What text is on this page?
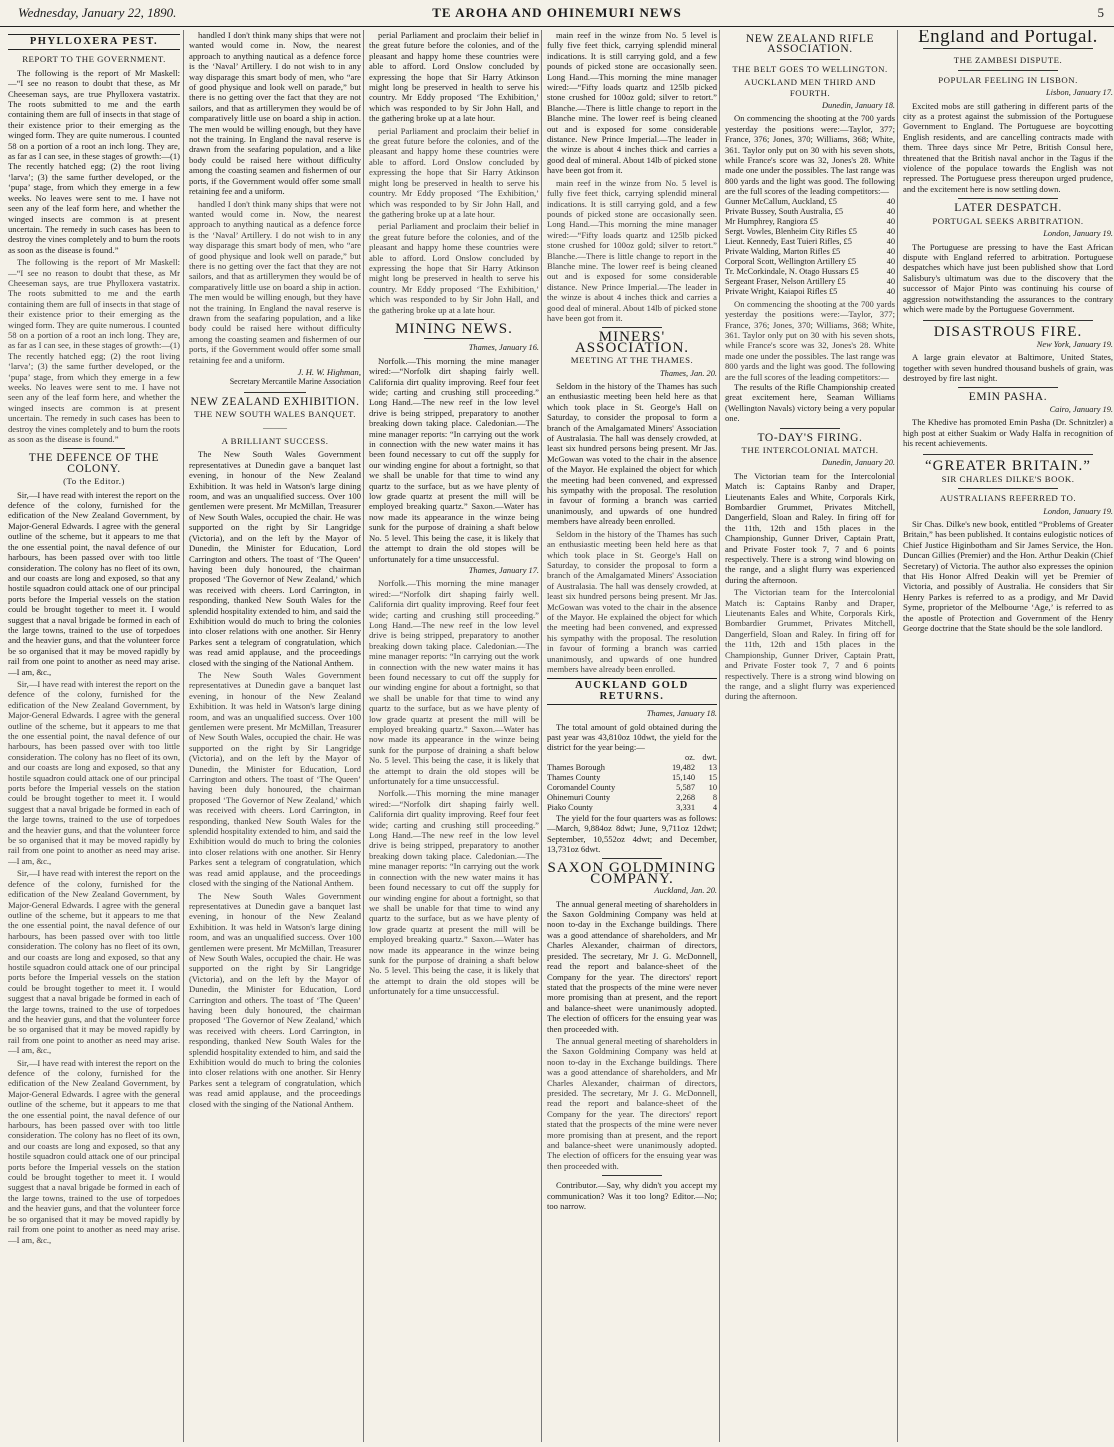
Wednesday, January 22, 1890.	TE AROHA AND OHINEMURI NEWS	5
PHYLLOXERA PEST.
REPORT TO THE GOVERNMENT.

The following is the report of Mr Maskell: —“I see no reason to doubt that these, as Mr Cheeseman says, are true Phylloxera vastatrix. The roots submitted to me and the earth containing them are full of insects in that stage of their existence prior to their emerging as the winged form. They are quite numerous. I counted 58 on a portion of a root an inch long. They are, as far as I can see, in these stages of growth:—(1) The recently hatched egg; (2) the root living ‘larva’; (3) the same further developed, or the ‘pupa’ stage, from which they emerge in a few weeks. No leaves were sent to me. I have not seen any of the leaf form here, and whether the winged insects are common is at present uncertain. The remedy in such cases has been to destroy the vines completely and to burn the roots as soon as the disease is found.”

The following is the report of Mr Maskell: —“I see no reason to doubt that these, as Mr Cheeseman says, are true Phylloxera vastatrix. The roots submitted to me and the earth containing them are full of insects in that stage of their existence prior to their emerging as the winged form. They are quite numerous. I counted 58 on a portion of a root an inch long. They are, as far as I can see, in these stages of growth:—(1) The recently hatched egg; (2) the root living ‘larva’; (3) the same further developed, or the ‘pupa’ stage, from which they emerge in a few weeks. No leaves were sent to me. I have not seen any of the leaf form here, and whether the winged insects are common is at present uncertain. The remedy in such cases has been to destroy the vines completely and to burn the roots as soon as the disease is found.”

THE DEFENCE OF THE COLONY.
(To the Editor.)

Sir,—I have read with interest the report on the defence of the colony, furnished for the edification of the New Zealand Government, by Major-General Edwards. I agree with the general outline of the scheme, but it appears to me that the one essential point, the naval defence of our harbours, has been passed over with too little consideration. The colony has no fleet of its own, and our coasts are long and exposed, so that any hostile squadron could attack one of our principal ports before the Imperial vessels on the station could be brought together to meet it. I would suggest that a naval brigade be formed in each of the large towns, trained to the use of torpedoes and the heavier guns, and that the volunteer force be so organised that it may be moved rapidly by rail from one point to another as need may arise. —I am, &c.,

Sir,—I have read with interest the report on the defence of the colony, furnished for the edification of the New Zealand Government, by Major-General Edwards. I agree with the general outline of the scheme, but it appears to me that the one essential point, the naval defence of our harbours, has been passed over with too little consideration. The colony has no fleet of its own, and our coasts are long and exposed, so that any hostile squadron could attack one of our principal ports before the Imperial vessels on the station could be brought together to meet it. I would suggest that a naval brigade be formed in each of the large towns, trained to the use of torpedoes and the heavier guns, and that the volunteer force be so organised that it may be moved rapidly by rail from one point to another as need may arise. —I am, &c.,

Sir,—I have read with interest the report on the defence of the colony, furnished for the edification of the New Zealand Government, by Major-General Edwards. I agree with the general outline of the scheme, but it appears to me that the one essential point, the naval defence of our harbours, has been passed over with too little consideration. The colony has no fleet of its own, and our coasts are long and exposed, so that any hostile squadron could attack one of our principal ports before the Imperial vessels on the station could be brought together to meet it. I would suggest that a naval brigade be formed in each of the large towns, trained to the use of torpedoes and the heavier guns, and that the volunteer force be so organised that it may be moved rapidly by rail from one point to another as need may arise. —I am, &c.,

Sir,—I have read with interest the report on the defence of the colony, furnished for the edification of the New Zealand Government, by Major-General Edwards. I agree with the general outline of the scheme, but it appears to me that the one essential point, the naval defence of our harbours, has been passed over with too little consideration. The colony has no fleet of its own, and our coasts are long and exposed, so that any hostile squadron could attack one of our principal ports before the Imperial vessels on the station could be brought together to meet it. I would suggest that a naval brigade be formed in each of the large towns, trained to the use of torpedoes and the heavier guns, and that the volunteer force be so organised that it may be moved rapidly by rail from one point to another as need may arise. —I am, &c.,

handled I don't think many ships that were not wanted would come in. Now, the nearest approach to anything nautical as a defence force is the ‘Naval’ Artillery. I do not wish to in any way disparage this smart body of men, who “are of good physique and look well on parade,” but there is no getting over the fact that they are not sailors, and that as artillerymen they would be of comparatively little use on board a ship in action. The men would be willing enough, but they have not the training. In England the naval reserve is drawn from the seafaring population, and a like body could be raised here without difficulty among the coasting seamen and fishermen of our ports, if the Government would offer some small retaining fee and a uniform.

handled I don't think many ships that were not wanted would come in. Now, the nearest approach to anything nautical as a defence force is the ‘Naval’ Artillery. I do not wish to in any way disparage this smart body of men, who “are of good physique and look well on parade,” but there is no getting over the fact that they are not sailors, and that as artillerymen they would be of comparatively little use on board a ship in action. The men would be willing enough, but they have not the training. In England the naval reserve is drawn from the seafaring population, and a like body could be raised here without difficulty among the coasting seamen and fishermen of our ports, if the Government would offer some small retaining fee and a uniform.

J. H. W. Highman,
Secretary Mercantile Marine Association
NEW ZEALAND EXHIBITION.
THE NEW SOUTH WALES BANQUET.
———
A BRILLIANT SUCCESS.

The New South Wales Government representatives at Dunedin gave a banquet last evening, in honour of the New Zealand Exhibition. It was held in Watson's large dining room, and was an unqualified success. Over 100 gentlemen were present. Mr McMillan, Treasurer of New South Wales, occupied the chair. He was supported on the right by Sir Langridge (Victoria), and on the left by the Mayor of Dunedin, the Minister for Education, Lord Carrington and others. The toast of ‘The Queen’ having been duly honoured, the chairman proposed ‘The Governor of New Zealand,’ which was received with cheers. Lord Carrington, in responding, thanked New South Wales for the splendid hospitality extended to him, and said the Exhibition would do much to bring the colonies into closer relations with one another. Sir Henry Parkes sent a telegram of congratulation, which was read amid applause, and the proceedings closed with the singing of the National Anthem.

The New South Wales Government representatives at Dunedin gave a banquet last evening, in honour of the New Zealand Exhibition. It was held in Watson's large dining room, and was an unqualified success. Over 100 gentlemen were present. Mr McMillan, Treasurer of New South Wales, occupied the chair. He was supported on the right by Sir Langridge (Victoria), and on the left by the Mayor of Dunedin, the Minister for Education, Lord Carrington and others. The toast of ‘The Queen’ having been duly honoured, the chairman proposed ‘The Governor of New Zealand,’ which was received with cheers. Lord Carrington, in responding, thanked New South Wales for the splendid hospitality extended to him, and said the Exhibition would do much to bring the colonies into closer relations with one another. Sir Henry Parkes sent a telegram of congratulation, which was read amid applause, and the proceedings closed with the singing of the National Anthem.

The New South Wales Government representatives at Dunedin gave a banquet last evening, in honour of the New Zealand Exhibition. It was held in Watson's large dining room, and was an unqualified success. Over 100 gentlemen were present. Mr McMillan, Treasurer of New South Wales, occupied the chair. He was supported on the right by Sir Langridge (Victoria), and on the left by the Mayor of Dunedin, the Minister for Education, Lord Carrington and others. The toast of ‘The Queen’ having been duly honoured, the chairman proposed ‘The Governor of New Zealand,’ which was received with cheers. Lord Carrington, in responding, thanked New South Wales for the splendid hospitality extended to him, and said the Exhibition would do much to bring the colonies into closer relations with one another. Sir Henry Parkes sent a telegram of congratulation, which was read amid applause, and the proceedings closed with the singing of the National Anthem.

perial Parliament and proclaim their belief in the great future before the colonies, and of the pleasant and happy home these countries were able to afford. Lord Onslow concluded by expressing the hope that Sir Harry Atkinson might long be preserved in health to serve his country. Mr Eddy proposed ‘The Exhibition,’ which was responded to by Sir John Hall, and the gathering broke up at a late hour.

perial Parliament and proclaim their belief in the great future before the colonies, and of the pleasant and happy home these countries were able to afford. Lord Onslow concluded by expressing the hope that Sir Harry Atkinson might long be preserved in health to serve his country. Mr Eddy proposed ‘The Exhibition,’ which was responded to by Sir John Hall, and the gathering broke up at a late hour.

perial Parliament and proclaim their belief in the great future before the colonies, and of the pleasant and happy home these countries were able to afford. Lord Onslow concluded by expressing the hope that Sir Harry Atkinson might long be preserved in health to serve his country. Mr Eddy proposed ‘The Exhibition,’ which was responded to by Sir John Hall, and the gathering broke up at a late hour.

MINING NEWS.
Thames, January 16.

Norfolk.—This morning the mine manager wired:—“Norfolk dirt shaping fairly well. California dirt quality improving. Reef four feet wide; carting and crushing still proceeding.” Long Hand.—The new reef in the low level drive is being stripped, preparatory to another breaking down taking place. Caledonian.—The mine manager reports: “In carrying out the work in connection with the new water mains it has been found necessary to cut off the supply for our winding engine for about a fortnight, so that we shall be unable for that time to wind any quartz to the surface, but as we have plenty of low grade quartz at present the mill will be employed breaking quartz.” Saxon.—Water has now made its appearance in the winze being sunk for the purpose of draining a shaft below No. 5 level. This being the case, it is likely that the attempt to drain the old stopes will be unfortunately for a time unsuccessful.

Thames, January 17.

Norfolk.—This morning the mine manager wired:—“Norfolk dirt shaping fairly well. California dirt quality improving. Reef four feet wide; carting and crushing still proceeding.” Long Hand.—The new reef in the low level drive is being stripped, preparatory to another breaking down taking place. Caledonian.—The mine manager reports: “In carrying out the work in connection with the new water mains it has been found necessary to cut off the supply for our winding engine for about a fortnight, so that we shall be unable for that time to wind any quartz to the surface, but as we have plenty of low grade quartz at present the mill will be employed breaking quartz.” Saxon.—Water has now made its appearance in the winze being sunk for the purpose of draining a shaft below No. 5 level. This being the case, it is likely that the attempt to drain the old stopes will be unfortunately for a time unsuccessful.

Norfolk.—This morning the mine manager wired:—“Norfolk dirt shaping fairly well. California dirt quality improving. Reef four feet wide; carting and crushing still proceeding.” Long Hand.—The new reef in the low level drive is being stripped, preparatory to another breaking down taking place. Caledonian.—The mine manager reports: “In carrying out the work in connection with the new water mains it has been found necessary to cut off the supply for our winding engine for about a fortnight, so that we shall be unable for that time to wind any quartz to the surface, but as we have plenty of low grade quartz at present the mill will be employed breaking quartz.” Saxon.—Water has now made its appearance in the winze being sunk for the purpose of draining a shaft below No. 5 level. This being the case, it is likely that the attempt to drain the old stopes will be unfortunately for a time unsuccessful.

main reef in the winze from No. 5 level is fully five feet thick, carrying splendid mineral indications. It is still carrying gold, and a few pounds of picked stone are occasionally seen. Long Hand.—This morning the mine manager wired:—“Fifty loads quartz and 125lb picked stone crushed for 100oz gold; silver to retort.” Blanche.—There is little change to report in the Blanche mine. The lower reef is being cleaned out and is exposed for some considerable distance. New Prince Imperial.—The leader in the winze is about 4 inches thick and carries a good deal of mineral. About 14lb of picked stone have been got from it.

main reef in the winze from No. 5 level is fully five feet thick, carrying splendid mineral indications. It is still carrying gold, and a few pounds of picked stone are occasionally seen. Long Hand.—This morning the mine manager wired:—“Fifty loads quartz and 125lb picked stone crushed for 100oz gold; silver to retort.” Blanche.—There is little change to report in the Blanche mine. The lower reef is being cleaned out and is exposed for some considerable distance. New Prince Imperial.—The leader in the winze is about 4 inches thick and carries a good deal of mineral. About 14lb of picked stone have been got from it.

MINERS' ASSOCIATION.
MEETING AT THE THAMES.
Thames, Jan. 20.

Seldom in the history of the Thames has such an enthusiastic meeting been held here as that which took place in St. George's Hall on Saturday, to consider the proposal to form a branch of the Amalgamated Miners' Association of Australasia. The hall was densely crowded, at least six hundred persons being present. Mr Jas. McGowan was voted to the chair in the absence of the Mayor. He explained the object for which the meeting had been convened, and expressed his sympathy with the proposal. The resolution in favour of forming a branch was carried unanimously, and upwards of one hundred members have already been enrolled.

Seldom in the history of the Thames has such an enthusiastic meeting been held here as that which took place in St. George's Hall on Saturday, to consider the proposal to form a branch of the Amalgamated Miners' Association of Australasia. The hall was densely crowded, at least six hundred persons being present. Mr Jas. McGowan was voted to the chair in the absence of the Mayor. He explained the object for which the meeting had been convened, and expressed his sympathy with the proposal. The resolution in favour of forming a branch was carried unanimously, and upwards of one hundred members have already been enrolled.

AUCKLAND GOLD RETURNS.
Thames, January 18.

The total amount of gold obtained during the past year was 43,810oz 10dwt, the yield for the district for the year being:—

	oz.	dwt.
Thames Borough	19,482	13
Thames County	15,140	15
Coromandel County	5,587	10
Ohinemuri County	2,268	8
Piako County	3,331	4

The yield for the four quarters was as follows:—March, 9,884oz 8dwt; June, 9,711oz 12dwt; September, 10,552oz 4dwt; and December, 13,731oz 6dwt.

SAXON GOLDMINING COMPANY.
Auckland, Jan. 20.

The annual general meeting of shareholders in the Saxon Goldmining Company was held at noon to-day in the Exchange buildings. There was a good attendance of shareholders, and Mr Charles Alexander, chairman of directors, presided. The secretary, Mr J. G. McDonnell, read the report and balance-sheet of the Company for the year. The directors' report stated that the prospects of the mine were never more promising than at present, and the report and balance-sheet were unanimously adopted. The election of officers for the ensuing year was then proceeded with.

The annual general meeting of shareholders in the Saxon Goldmining Company was held at noon to-day in the Exchange buildings. There was a good attendance of shareholders, and Mr Charles Alexander, chairman of directors, presided. The secretary, Mr J. G. McDonnell, read the report and balance-sheet of the Company for the year. The directors' report stated that the prospects of the mine were never more promising than at present, and the report and balance-sheet were unanimously adopted. The election of officers for the ensuing year was then proceeded with.

Contributor.—Say, why didn't you accept my communication? Was it too long? Editor.—No; too narrow.

NEW ZEALAND RIFLE ASSOCIATION.
THE BELT GOES TO WELLINGTON.
AUCKLAND MEN THIRD AND FOURTH.
Dunedin, January 18.

On commencing the shooting at the 700 yards yesterday the positions were:—Taylor, 377; France, 376; Jones, 370; Williams, 368; White, 361. Taylor only put on 30 with his seven shots, while France's score was 32, Jones's 28. White made one under the possibles. The last range was 800 yards and the light was good. The following are the full scores of the leading competitors:—

Gunner McCallum, Auckland, £5	40
Private Bussey, South Australia, £5	40
Mr Humphrey, Rangiora £5	40
Sergt. Vowles, Blenheim City Rifles £5	40
Lieut. Kennedy, East Tuieri Rifles, £5	40
Private Walding, Marton Rifles £5	40
Corporal Scott, Wellington Artillery £5	40
Tr. McCorkindale, N. Otago Hussars £5	40
Sergeant Fraser, Nelson Artillery £5	40
Private Wright, Kaiapoi Rifles £5	40

On commencing the shooting at the 700 yards yesterday the positions were:—Taylor, 377; France, 376; Jones, 370; Williams, 368; White, 361. Taylor only put on 30 with his seven shots, while France's score was 32, Jones's 28. White made one under the possibles. The last range was 800 yards and the light was good. The following are the full scores of the leading competitors:—

The results of the Rifle Championship created great excitement here, Seaman Williams (Wellington Navals) victory being a very popular one.

TO-DAY'S FIRING.
THE INTERCOLONIAL MATCH.
Dunedin, January 20.

The Victorian team for the Intercolonial Match is: Captains Ranby and Draper, Lieutenants Eales and White, Corporals Kirk, Bombardier Grummet, Privates Mitchell, Dangerfield, Sloan and Raley. In firing off for the 11th, 12th and 15th places in the Championship, Gunner Driver, Captain Pratt, and Private Foster took 7, 7 and 6 points respectively. There is a strong wind blowing on the range, and a slight flurry was experienced during the afternoon.

The Victorian team for the Intercolonial Match is: Captains Ranby and Draper, Lieutenants Eales and White, Corporals Kirk, Bombardier Grummet, Privates Mitchell, Dangerfield, Sloan and Raley. In firing off for the 11th, 12th and 15th places in the Championship, Gunner Driver, Captain Pratt, and Private Foster took 7, 7 and 6 points respectively. There is a strong wind blowing on the range, and a slight flurry was experienced during the afternoon.

England and Portugal.
THE ZAMBESI DISPUTE.
POPULAR FEELING IN LISBON.
Lisbon, January 17.

Excited mobs are still gathering in different parts of the city as a protest against the submission of the Portuguese Government to England. The Portuguese are boycotting English residents, and are cancelling contracts made with them. Three days since Mr Petre, British Consul here, threatened that the British naval anchor in the Tagus if the violence of the populace towards the English was not repressed. The Portuguese press thereupon urged prudence, and the excitement here is now settling down.

LATER DESPATCH.
PORTUGAL SEEKS ARBITRATION.
London, January 19.

The Portuguese are pressing to have the East African dispute with England referred to arbitration. Portuguese despatches which have just been published show that Lord Salisbury's ultimatum was due to the discovery that the successor of Major Pinto was continuing his course of aggression notwithstanding the assurances to the contrary which were made by the Portuguese Government.

DISASTROUS FIRE.
New York, January 19.

A large grain elevator at Baltimore, United States, together with seven hundred thousand bushels of grain, was destroyed by fire last night.

EMIN PASHA.
Cairo, January 19.

The Khedive has promoted Emin Pasha (Dr. Schnitzler) a high post at either Suakim or Wady Halfa in recognition of his recent achievements.

“GREATER BRITAIN.”
SIR CHARLES DILKE'S BOOK.
AUSTRALIANS REFERRED TO.
London, January 19.

Sir Chas. Dilke's new book, entitled “Problems of Greater Britain,” has been published. It contains eulogistic notices of Chief Justice Higinbotham and Sir James Service, the Hon. Duncan Gillies (Premier) and the Hon. Arthur Deakin (Chief Secretary) of Victoria. The author also expresses the opinion that His Honor Alfred Deakin will yet be Premier of Victoria, and possibly of Australia. He considers that Sir Henry Parkes is referred to as a prodigy, and Mr David Syme, proprietor of the Melbourne ‘Age,’ is referred to as the apostle of Protection and Government of the Henry George doctrine that the State should be the sole landlord.
